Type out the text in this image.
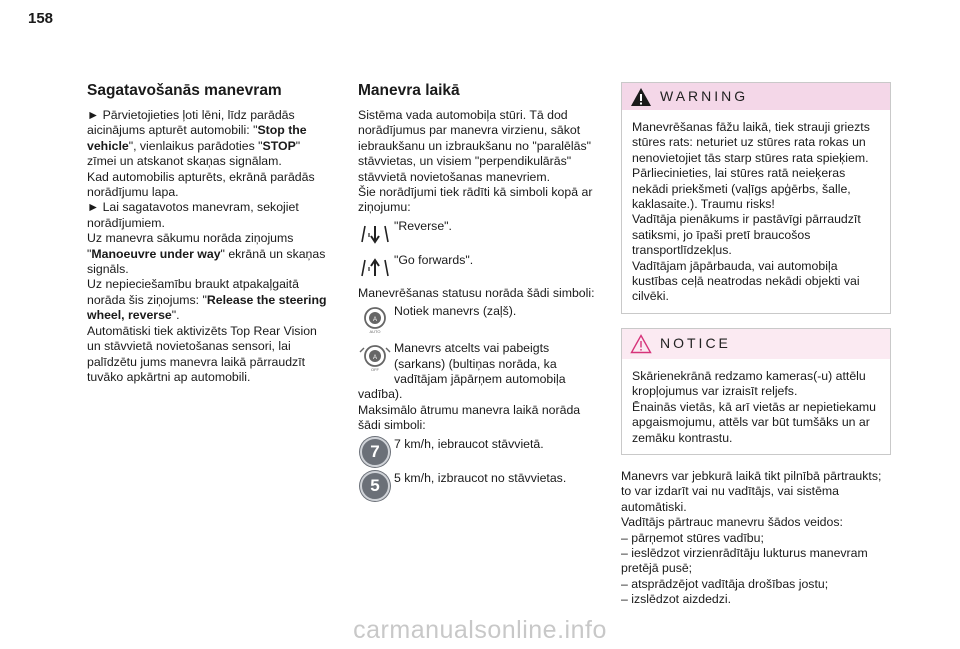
158
Sagatavošanās manevram

► Pārvietojieties ļoti lēni, līdz parādās aicinājums apturēt automobili: "Stop the vehicle", vienlaikus parādoties "STOP" zīmei un atskanot skaņas signālam.

Kad automobilis apturēts, ekrānā parādās norādījumu lapa.

► Lai sagatavotos manevram, sekojiet norādījumiem.

Uz manevra sākumu norāda ziņojums "Manoeuvre under way" ekrānā un skaņas signāls.

Uz nepieciešamību braukt atpakaļgaitā norāda šis ziņojums: "Release the steering wheel, reverse".

Automātiski tiek aktivizēts Top Rear Vision un stāvvietā novietošanas sensori, lai palīdzētu jums manevra laikā pārraudzīt tuvāko apkārtni ap automobili.

Manevra laikā

Sistēma vada automobiļa stūri. Tā dod norādījumus par manevra virzienu, sākot iebraukšanu un izbraukšanu no "paralēlās" stāvvietas, un visiem "perpendikulārās" stāvvietā novietošanas manevriem.

Šie norādījumi tiek rādīti kā simboli kopā ar ziņojumu:

"Reverse".
"Go forwards".

Manevrēšanas statusu norāda šādi simboli:

A
AUTO
Notiek manevrs (zaļš).
A
OFF
Manevrs atcelts vai pabeigts (sarkans) (bultiņas norāda, ka vadītājam jāpārņem automobiļa vadība).

Maksimālo ātrumu manevra laikā norāda šādi simboli:

7	7 km/h, iebraucot stāvvietā.
5	5 km/h, izbraucot no stāvvietas.
WARNING

Manevrēšanas fāžu laikā, tiek strauji griezts stūres rats: neturiet uz stūres rata rokas un nenovietojiet tās starp stūres rata spieķiem. Pārliecinieties, lai stūres ratā neieķeras nekādi priekšmeti (vaļīgs apģērbs, šalle, kaklasaite.). Traumu risks!

Vadītāja pienākums ir pastāvīgi pārraudzīt satiksmi, jo īpaši pretī braucošos transportlīdzekļus.

Vadītājam jāpārbauda, vai automobiļa kustības ceļā neatrodas nekādi objekti vai cilvēki.

NOTICE

Skārienekrānā redzamo kameras(-u) attēlu kropļojumus var izraisīt reljefs.

Ēnainās vietās, kā arī vietās ar nepietiekamu apgaismojumu, attēls var būt tumšāks un ar zemāku kontrastu.

Manevrs var jebkurā laikā tikt pilnībā pārtraukts; to var izdarīt vai nu vadītājs, vai sistēma automātiski.

Vadītājs pārtrauc manevru šādos veidos:

– pārņemot stūres vadību;

– ieslēdzot virzienrādītāju lukturus manevram pretējā pusē;

– atsprādzējot vadītāja drošības jostu;

– izslēdzot aizdedzi.

carmanualsonline.info
